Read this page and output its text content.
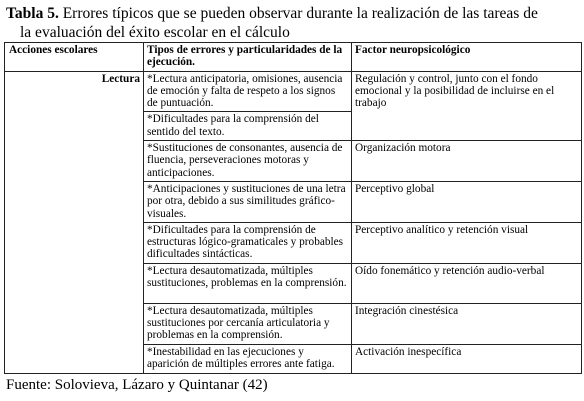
Tabla 5. Errores típicos que se pueden observar durante la realización de las tareas de
la evaluación del éxito escolar en el cálculo
Acciones escolares	Tipos de errores y particularidades de la ejecución.	Factor neuropsicológico
Lectura	*Lectura anticipatoria, omisiones, ausencia de emoción y falta de respeto a los signos de puntuación.	Regulación y control, junto con el fondo emocional y la posibilidad de incluirse en el trabajo
	*Dificultades para la comprensión del sentido del texto.	
	*Sustituciones de consonantes, ausencia de fluencia, perseveraciones motoras y anticipaciones.	Organización motora
	*Anticipaciones y sustituciones de una letra por otra, debido a sus similitudes gráfico-visuales.	Perceptivo global
	*Dificultades para la comprensión de estructuras lógico-gramaticales y probables dificultades sintácticas.	Perceptivo analítico y retención visual
	*Lectura desautomatizada, múltiples sustituciones, problemas en la comprensión.	Oído fonemático y retención audio-verbal
	*Lectura desautomatizada, múltiples sustituciones por cercanía articulatoria y problemas en la comprensión.	Integración cinestésica
	*Inestabilidad en las ejecuciones y aparición de múltiples errores ante fatiga.	Activación inespecífica
Fuente: Solovieva, Lázaro y Quintanar (42)
